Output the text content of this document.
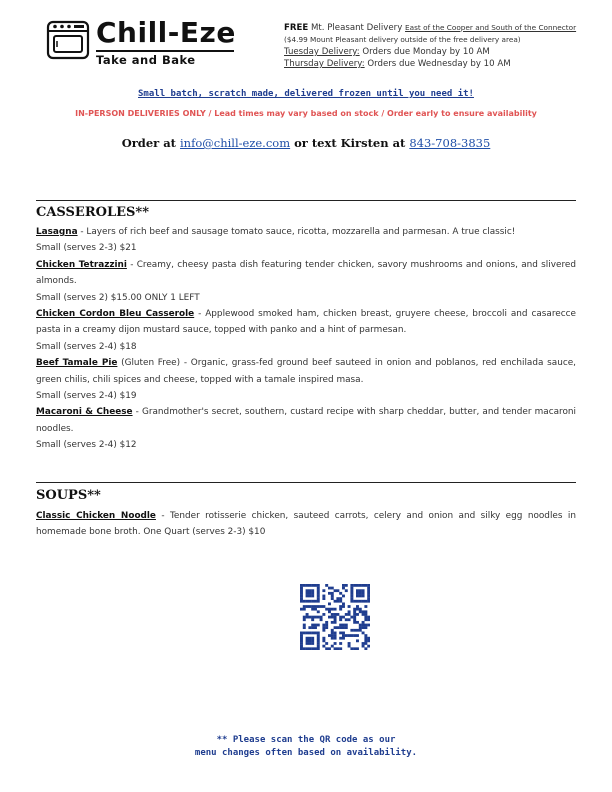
Chill-Eze
Take and Bake
FREE Mt. Pleasant Delivery East of the Cooper and South of the Connector
($4.99 Mount Pleasant delivery outside of the free delivery area)
Tuesday Delivery: Orders due Monday by 10 AM
Thursday Delivery: Orders due Wednesday by 10 AM
Small batch, scratch made, delivered frozen until you need it!
IN-PERSON DELIVERIES ONLY / Lead times may vary based on stock / Order early to ensure availability
Order at info@chill-eze.com or text Kirsten at 843-708-3835
CASSEROLES**

Lasagna - Layers of rich beef and sausage tomato sauce, ricotta, mozzarella and parmesan. A true classic!

Small (serves 2-3) $21

Chicken Tetrazzini - Creamy, cheesy pasta dish featuring tender chicken, savory mushrooms and onions, and slivered almonds.

Small (serves 2) $15.00 ONLY 1 LEFT

Chicken Cordon Bleu Casserole - Applewood smoked ham, chicken breast, gruyere cheese, broccoli and casarecce pasta in a creamy dijon mustard sauce, topped with panko and a hint of parmesan.

Small (serves 2-4) $18

Beef Tamale Pie (Gluten Free) - Organic, grass-fed ground beef sauteed in onion and poblanos, red enchilada sauce, green chilis, chili spices and cheese, topped with a tamale inspired masa.

Small (serves 2-4) $19

Macaroni & Cheese - Grandmother's secret, southern, custard recipe with sharp cheddar, butter, and tender macaroni noodles.

Small (serves 2-4) $12

SOUPS**

Classic Chicken Noodle - Tender rotisserie chicken, sauteed carrots, celery and onion and silky egg noodles in homemade bone broth. One Quart (serves 2-3) $10

** Please scan the QR code as our
menu changes often based on availability.
